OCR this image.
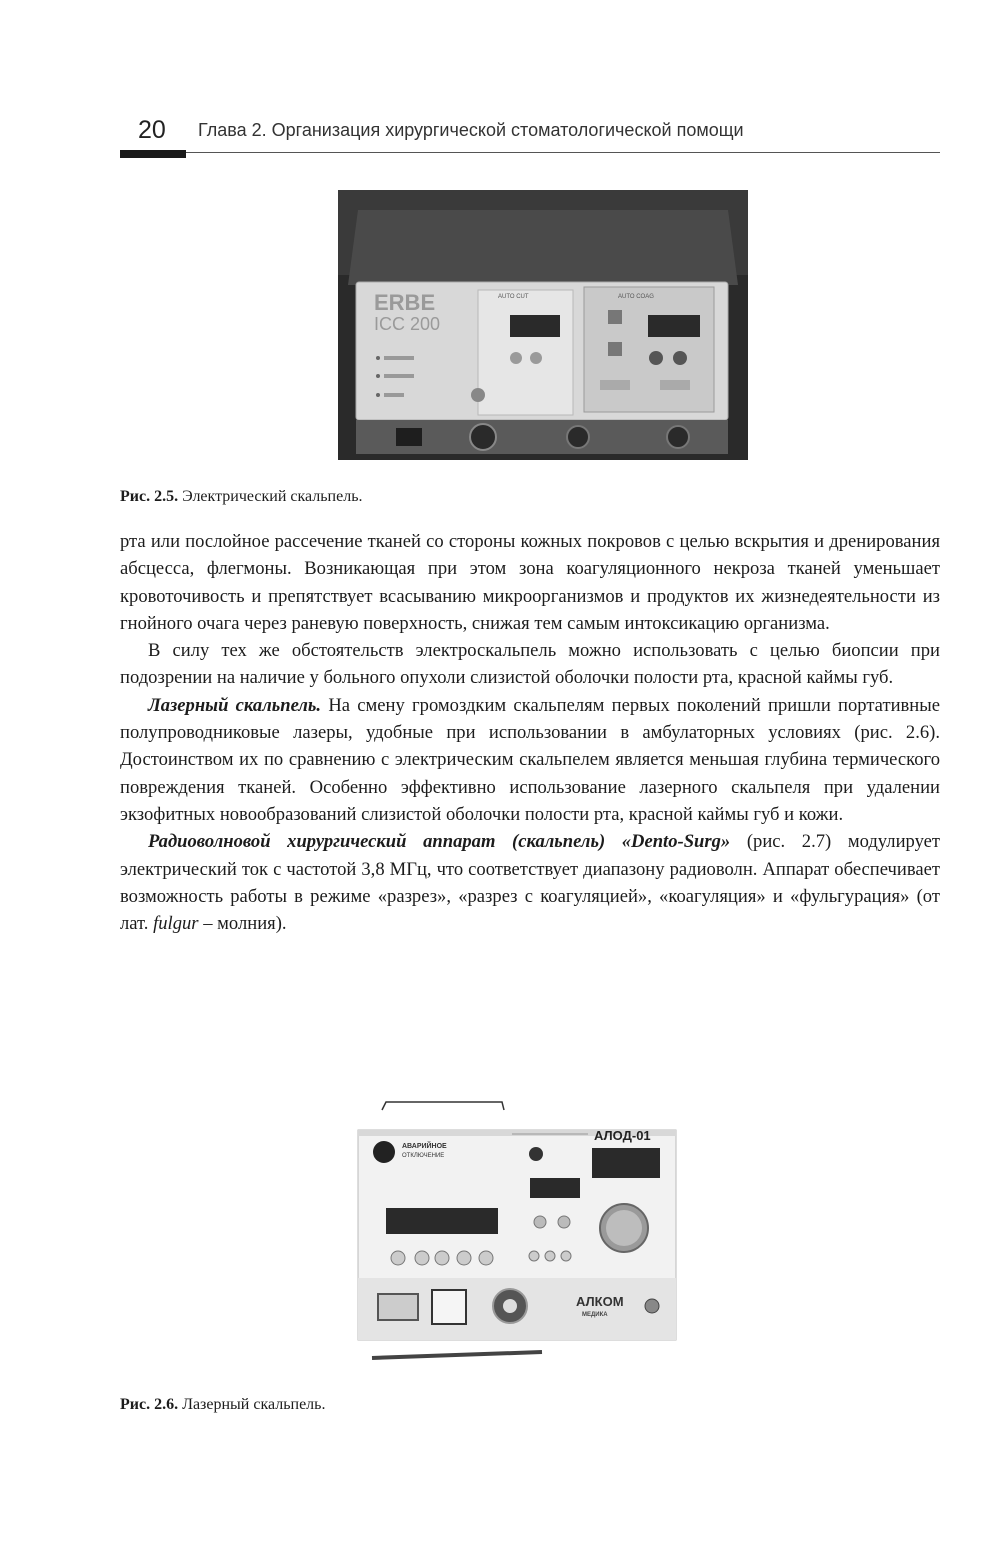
20 Глава 2. Организация хирургической стоматологической помощи
ERBE
ICC 200
AUTO CUT	AUTO COAG
Рис. 2.5. Электрический скальпель.

рта или послойное рассечение тканей со стороны кожных покровов с целью вскрытия и дренирования абсцесса, флегмоны. Возникающая при этом зона коагуляционного некроза тканей уменьшает кровоточивость и препятствует всасыванию микроорганизмов и продуктов их жизнедеятельности из гнойного очага через раневую поверхность, снижая тем самым интоксикацию организма.

В силу тех же обстоятельств электроскальпель можно использовать с целью биопсии при подозрении на наличие у больного опухоли слизистой оболочки полости рта, красной каймы губ.

Лазерный скальпель. На смену громоздким скальпелям первых поколений пришли портативные полупроводниковые лазеры, удобные при использовании в амбулаторных условиях (рис. 2.6). Достоинством их по сравнению с электрическим скальпелем является меньшая глубина термического повреждения тканей. Особенно эффективно использование лазерного скальпеля при удалении экзофитных новообразований слизистой оболочки полости рта, красной каймы губ и кожи.

Радиоволновой хирургический аппарат (скальпель) «Dento-Surg» (рис. 2.7) модулирует электрический ток с частотой 3,8 МГц, что соответствует диапазону радиоволн. Аппарат обеспечивает возможность работы в режиме «разрез», «разрез с коагуляцией», «коагуляция» и «фульгурация» (от лат. fulgur – молния).

АВАРИЙНОЕ
ОТКЛЮЧЕНИЕ
АЛОД-01
АЛКОМ
МЕДИКА
Рис. 2.6. Лазерный скальпель.
